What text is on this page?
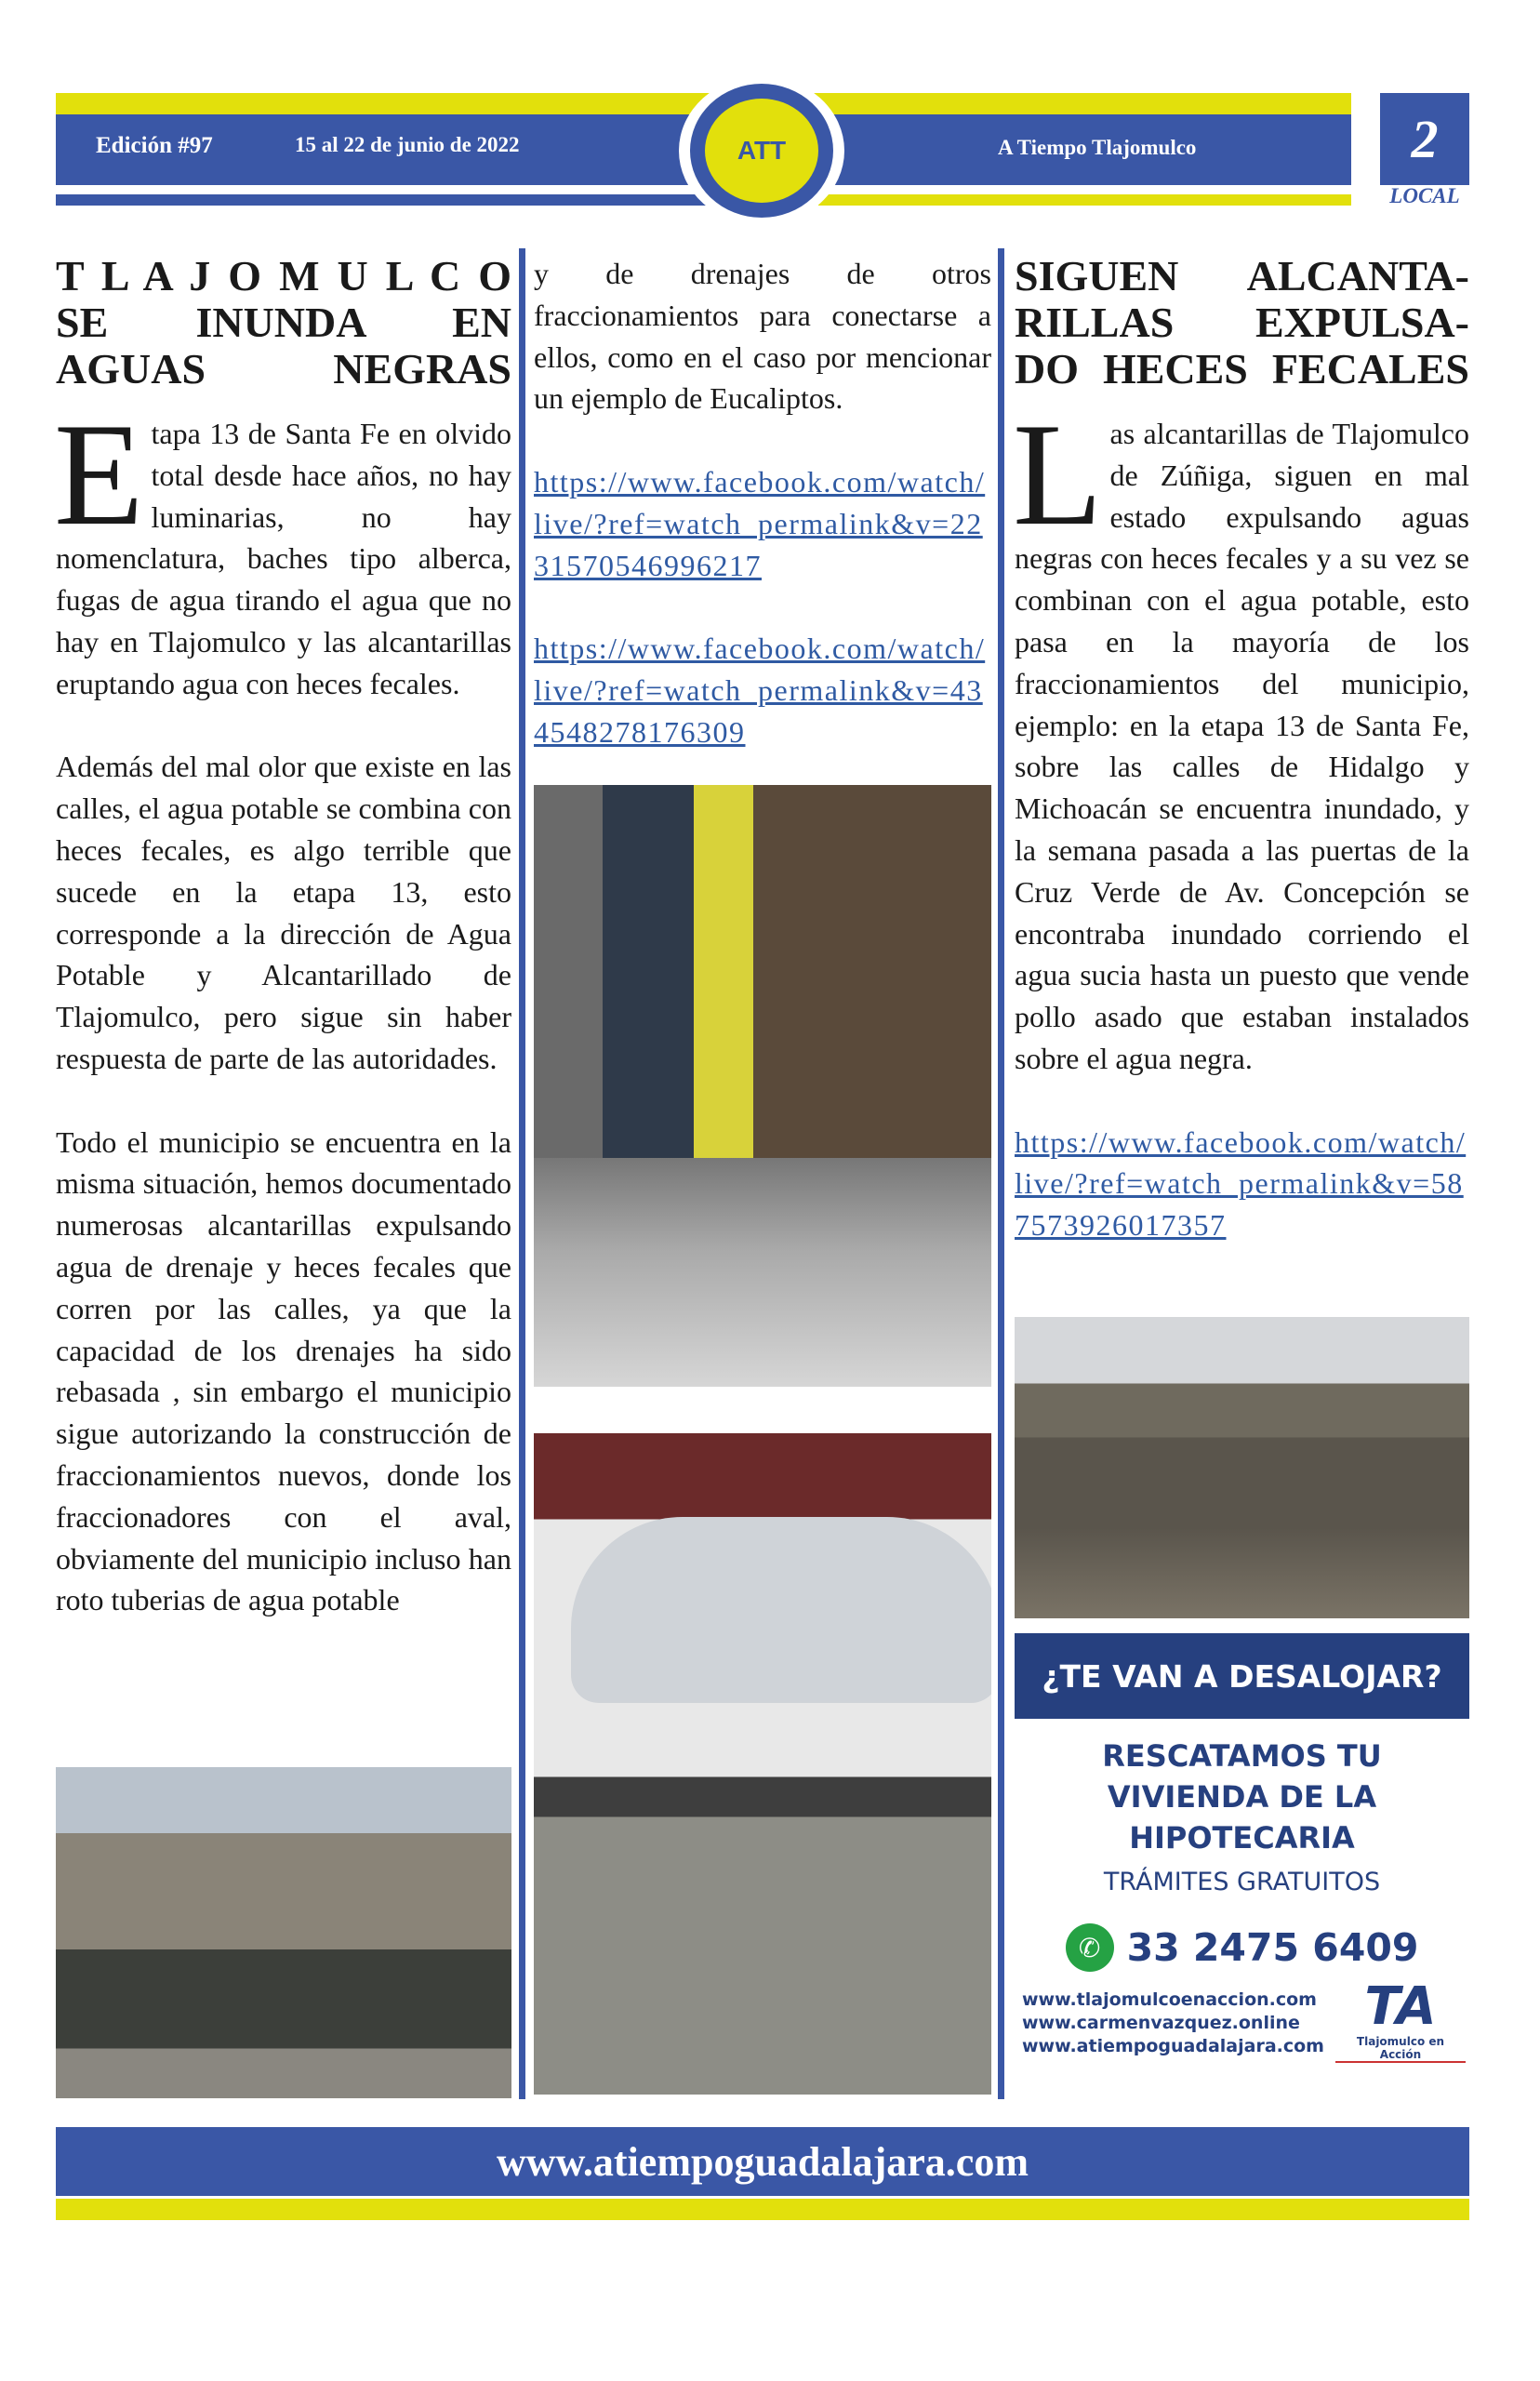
Edición #97	15 al 22 de junio de 2022	A Tiempo Tlajomulco
ATT	2
LOCAL
T L A J O M U L C O
SE INUNDA EN
AGUAS NEGRAS

Etapa 13 de Santa Fe en olvido total desde hace años, no hay luminarias, no hay nomenclatura, baches tipo alberca, fugas de agua tirando el agua que no hay en Tlajomulco y las alcantarillas eruptando agua con heces fecales.

Además del mal olor que existe en las calles, el agua potable se combina con heces fecales, es algo terrible que sucede en la etapa 13, esto corresponde a la dirección de Agua Potable y Alcantarillado de Tlajomulco, pero sigue sin haber respuesta de parte de las autoridades.

Todo el municipio se encuentra en la misma situación, hemos documentado numerosas alcantarillas expulsando agua de drenaje y heces fecales que corren por las calles, ya que la capacidad de los drenajes ha sido rebasada , sin embargo el municipio sigue autorizando la construcción de fraccionamientos nuevos, donde los fraccionadores con el aval, obviamente del municipio incluso han roto tuberias de agua potable

y de drenajes de otros fraccionamientos para conectarse a ellos, como en el caso por mencionar un ejemplo de Eucaliptos.

https://www.facebook.com/watch/live/?ref=watch_permalink&v=2231570546996217
https://www.facebook.com/watch/live/?ref=watch_permalink&v=434548278176309
SIGUEN ALCANTA-
RILLAS EXPULSA-
DO HECES FECALES

Las alcantarillas de Tlajomulco de Zúñiga, siguen en mal estado expulsando aguas negras con heces fecales y a su vez se combinan con el agua potable, esto pasa en la mayoría de los fraccionamientos del municipio, ejemplo: en la etapa 13 de Santa Fe, sobre las calles de Hidalgo y Michoacán se encuentra inundado, y la semana pasada a las puertas de la Cruz Verde de Av. Concepción se encontraba inundado corriendo el agua sucia hasta un puesto que vende pollo asado que estaban instalados sobre el agua negra.

https://www.facebook.com/watch/live/?ref=watch_permalink&v=587573926017357
¿TE VAN A DESALOJAR?
RESCATAMOS TU
VIVIENDA DE LA
HIPOTECARIA
TRÁMITES GRATUITOS
✆ 33 2475 6409
www.tlajomulcoenaccion.com
www.carmenvazquez.online
www.atiempoguadalajara.com
TA
Tlajomulco en Acción
www.atiempoguadalajara.com
